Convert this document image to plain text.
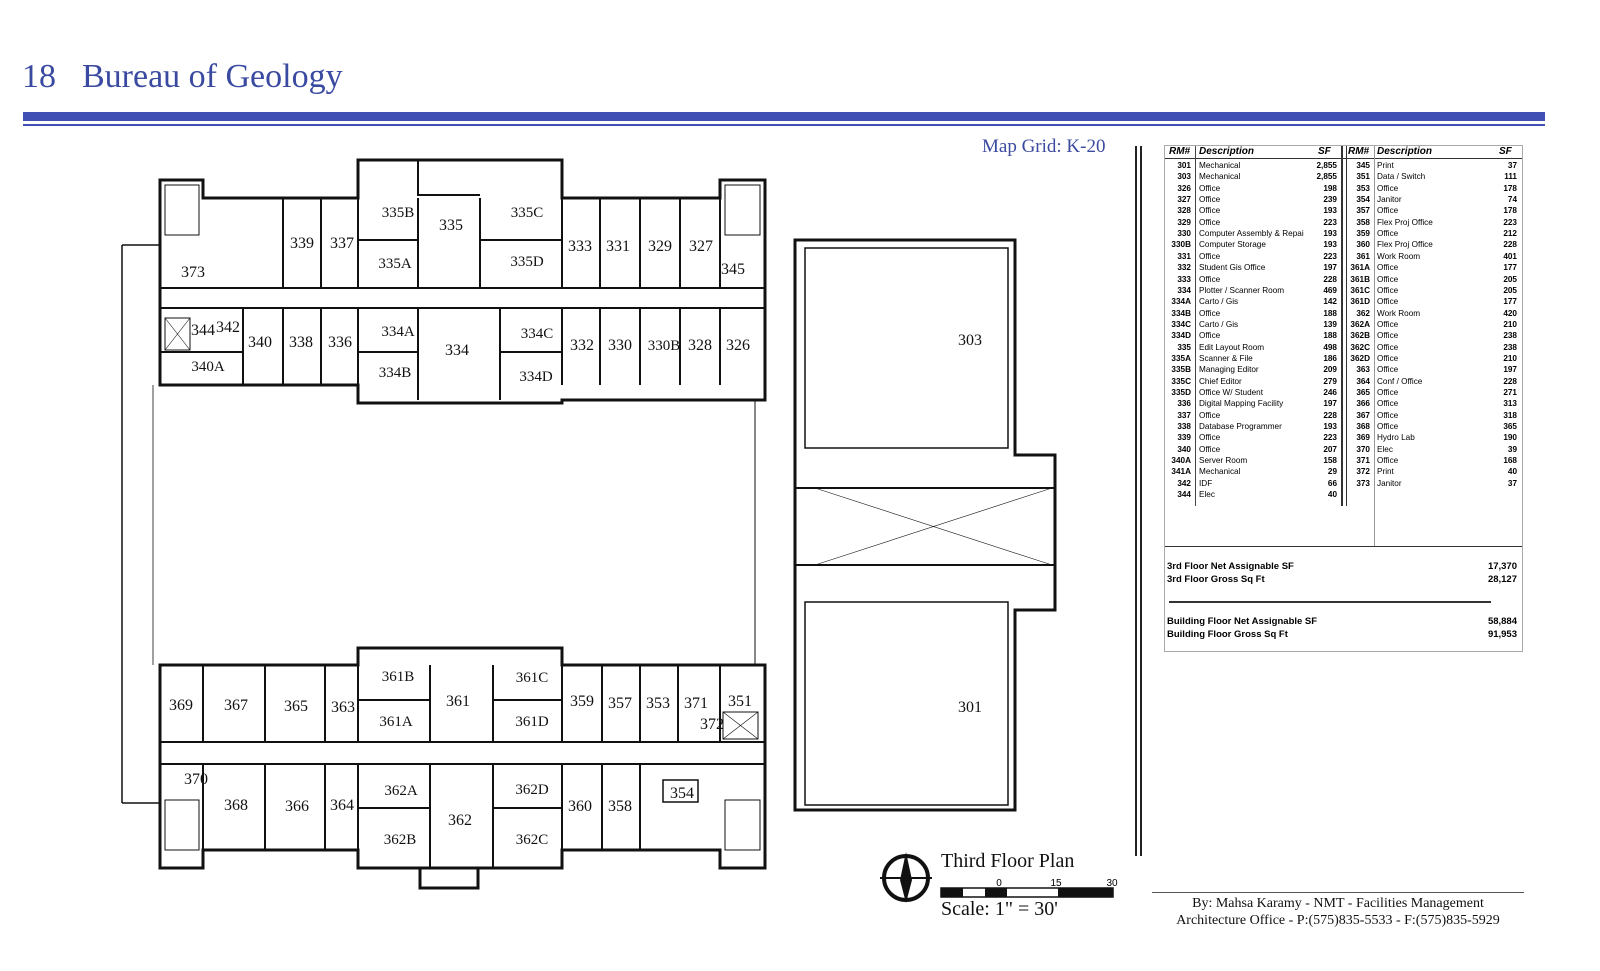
18 Bureau of Geology
Map Grid: K-20
339 337
335B
335
335C
333 331 329 327
345
373	335A	335D
344 342
340 338 336
334A
334
334C
332 330 330B 328 326
340A	334B	334D
303
361B
361
361C
359 357 353 371 351
369 367 365 363
361A	361D	372
301
370
362A	362D	354
368 366 364
362
360 358
362B	362C
0	15	30
Third Floor Plan
Scale: 1" = 30'
RM# Description	SF RM# Description	SF
301 Mechanical	2,855
303 Mechanical	2,855
326 Office	198
327 Office	239
328 Office	193
329 Office	223
330 Computer Assembly & Repai	193
330B Computer Storage	193
331 Office	223
332 Student Gis Office	197
333 Office	228
334 Plotter / Scanner Room	469
334A Carto / Gis	142
334B Office	188
334C Carto / Gis	139
334D Office	188
335 Edit Layout Room	498
335A Scanner & File	186
335B Managing Editor	209
335C Chief Editor	279
335D Office W/ Student	246
336 Digital Mapping Facility	197
337 Office	228
338 Database Programmer	193
339 Office	223
340 Office	207
340A Server Room	158
341A Mechanical	29
342 IDF	66
344 Elec	40
345 Print	37
351 Data / Switch	111
353 Office	178
354 Janitor	74
357 Office	178
358 Flex Proj Office	223
359 Office	212
360 Flex Proj Office	228
361 Work Room	401
361A Office	177
361B Office	205
361C Office	205
361D Office	177
362 Work Room	420
362A Office	210
362B Office	238
362C Office	238
362D Office	210
363 Office	197
364 Conf / Office	228
365 Office	271
366 Office	313
367 Office	318
368 Office	365
369 Hydro Lab	190
370 Elec	39
371 Office	168
372 Print	40
373 Janitor	37
3rd Floor Net Assignable SF	17,370
3rd Floor Gross Sq Ft	28,127
Building Floor Net Assignable SF	58,884
Building Floor Gross Sq Ft	91,953
By: Mahsa Karamy - NMT - Facilities Management
Architecture Office - P:(575)835-5533 - F:(575)835-5929
